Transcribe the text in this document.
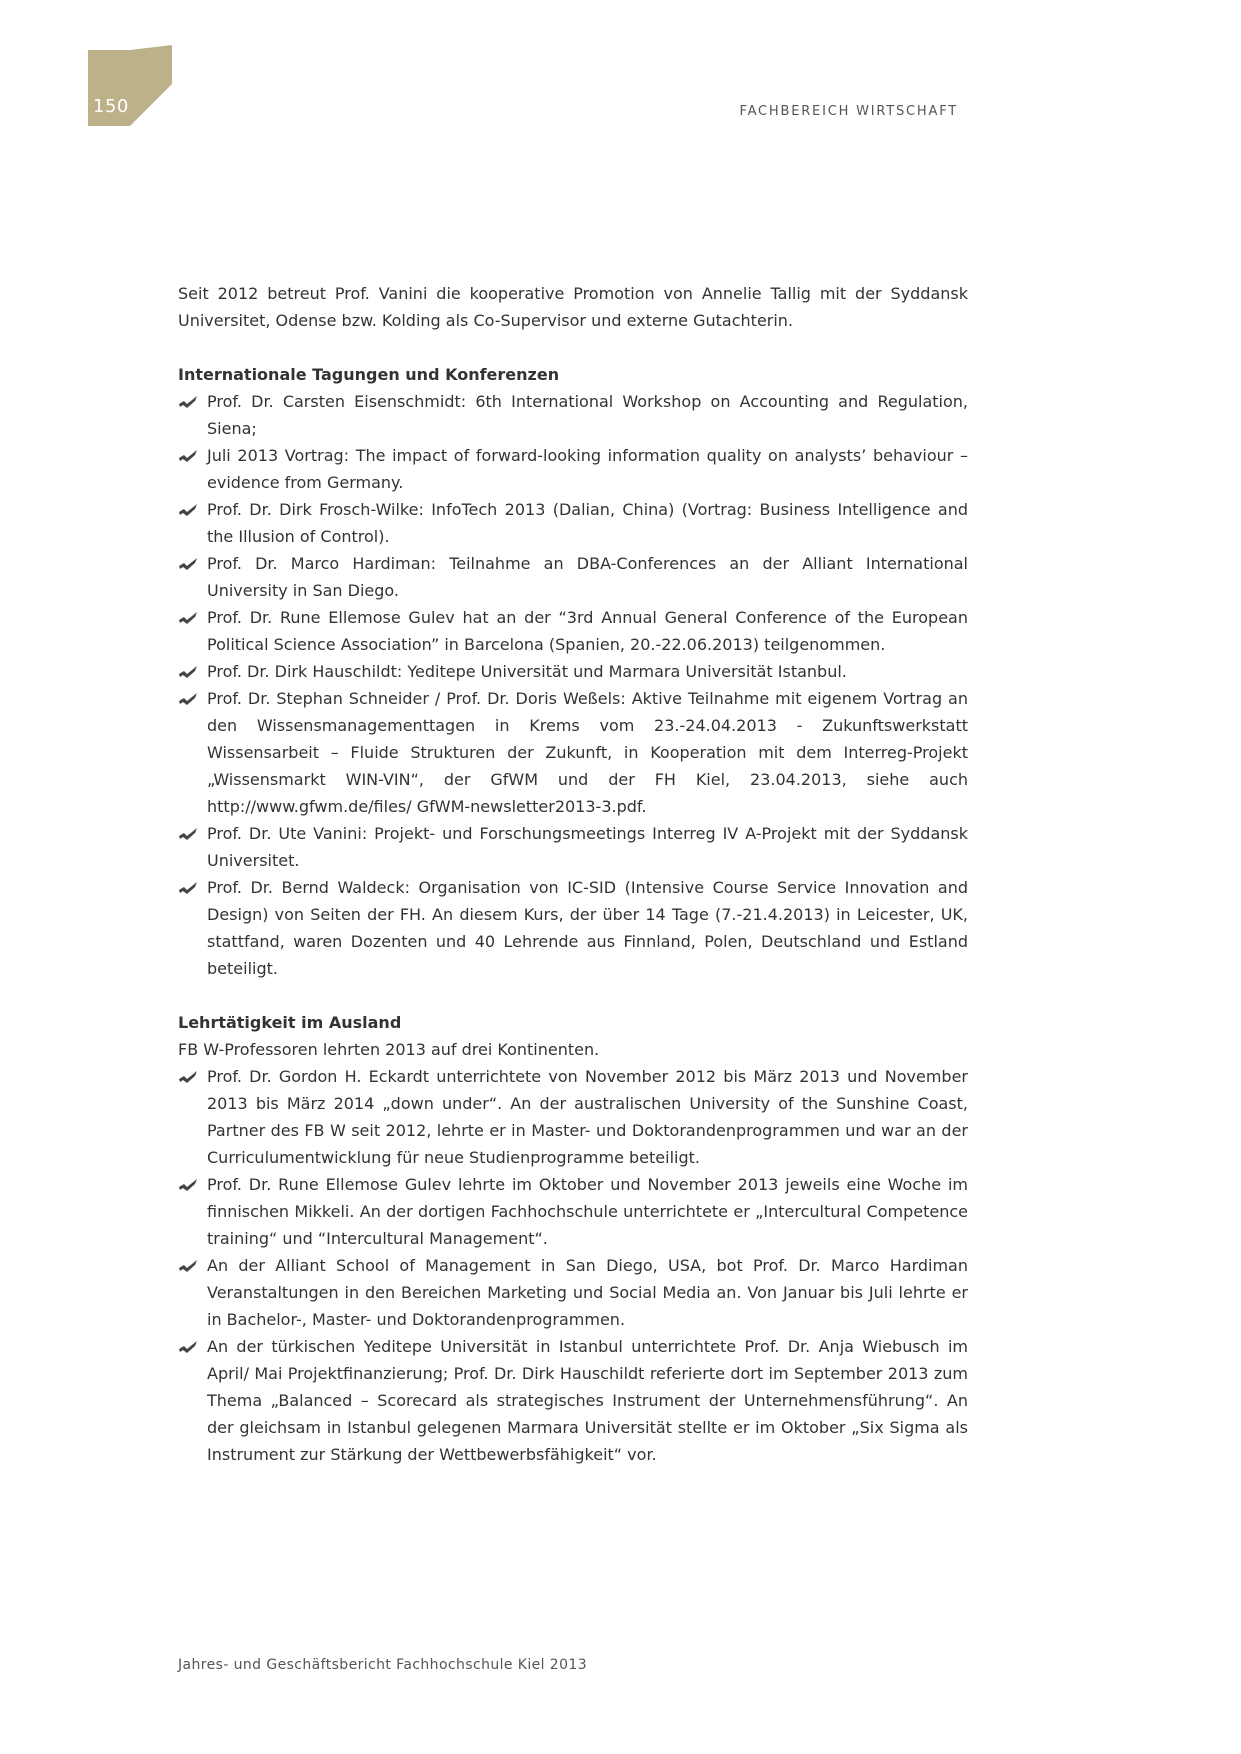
150	FACHBEREICH WIRTSCHAFT

Seit 2012 betreut Prof. Vanini die kooperative Promotion von Annelie Tallig mit der Syddansk Universitet, Odense bzw. Kolding als Co-Supervisor und externe Gutachterin.

Internationale Tagungen und Konferenzen
Prof. Dr. Carsten Eisenschmidt: 6th International Workshop on Accounting and Regulation, Siena;
Juli 2013 Vortrag: The impact of forward-looking information quality on analysts’ behaviour – evidence from Germany.
Prof. Dr. Dirk Frosch-Wilke: InfoTech 2013 (Dalian, China) (Vortrag: Business Intelligence and the Illusion of Control).
Prof. Dr. Marco Hardiman: Teilnahme an DBA-Conferences an der Alliant International University in San Diego.
Prof. Dr. Rune Ellemose Gulev hat an der “3rd Annual General Conference of the European Political Science Association” in Barcelona (Spanien, 20.-22.06.2013) teilgenommen.
Prof. Dr. Dirk Hauschildt: Yeditepe Universität und Marmara Universität Istanbul.
Prof. Dr. Stephan Schneider / Prof. Dr. Doris Weßels: Aktive Teilnahme mit eigenem Vortrag an den Wissensmanagementtagen in Krems vom 23.-24.04.2013 - Zukunftswerkstatt Wissensarbeit – Fluide Strukturen der Zukunft, in Kooperation mit dem Interreg-Projekt „Wissensmarkt WIN-VIN“, der GfWM und der FH Kiel, 23.04.2013, siehe auch http://www.gfwm.de/files/ GfWM-newsletter2013-3.pdf.
Prof. Dr. Ute Vanini: Projekt- und Forschungsmeetings Interreg IV A-Projekt mit der Syddansk Universitet.
Prof. Dr. Bernd Waldeck: Organisation von IC-SID (Intensive Course Service Innovation and Design) von Seiten der FH. An diesem Kurs, der über 14 Tage (7.-21.4.2013) in Leicester, UK, stattfand, waren Dozenten und 40 Lehrende aus Finnland, Polen, Deutschland und Estland beteiligt.
Lehrtätigkeit im Ausland

FB W-Professoren lehrten 2013 auf drei Kontinenten.

Prof. Dr. Gordon H. Eckardt unterrichtete von November 2012 bis März 2013 und November 2013 bis März 2014 „down under“. An der australischen University of the Sunshine Coast, Partner des FB W seit 2012, lehrte er in Master- und Doktorandenprogrammen und war an der Curriculumentwicklung für neue Studienprogramme beteiligt.
Prof. Dr. Rune Ellemose Gulev lehrte im Oktober und November 2013 jeweils eine Woche im finnischen Mikkeli. An der dortigen Fachhochschule unterrichtete er „Intercultural Competence training“ und “Intercultural Management“.
An der Alliant School of Management in San Diego, USA, bot Prof. Dr. Marco Hardiman Veranstaltungen in den Bereichen Marketing und Social Media an. Von Januar bis Juli lehrte er in Bachelor-, Master- und Doktorandenprogrammen.
An der türkischen Yeditepe Universität in Istanbul unterrichtete Prof. Dr. Anja Wiebusch im April/ Mai Projektfinanzierung; Prof. Dr. Dirk Hauschildt referierte dort im September 2013 zum Thema „Balanced – Scorecard als strategisches Instrument der Unternehmensführung“. An der gleichsam in Istanbul gelegenen Marmara Universität stellte er im Oktober „Six Sigma als Instrument zur Stärkung der Wettbewerbsfähigkeit“ vor.
Jahres- und Geschäftsbericht Fachhochschule Kiel 2013
